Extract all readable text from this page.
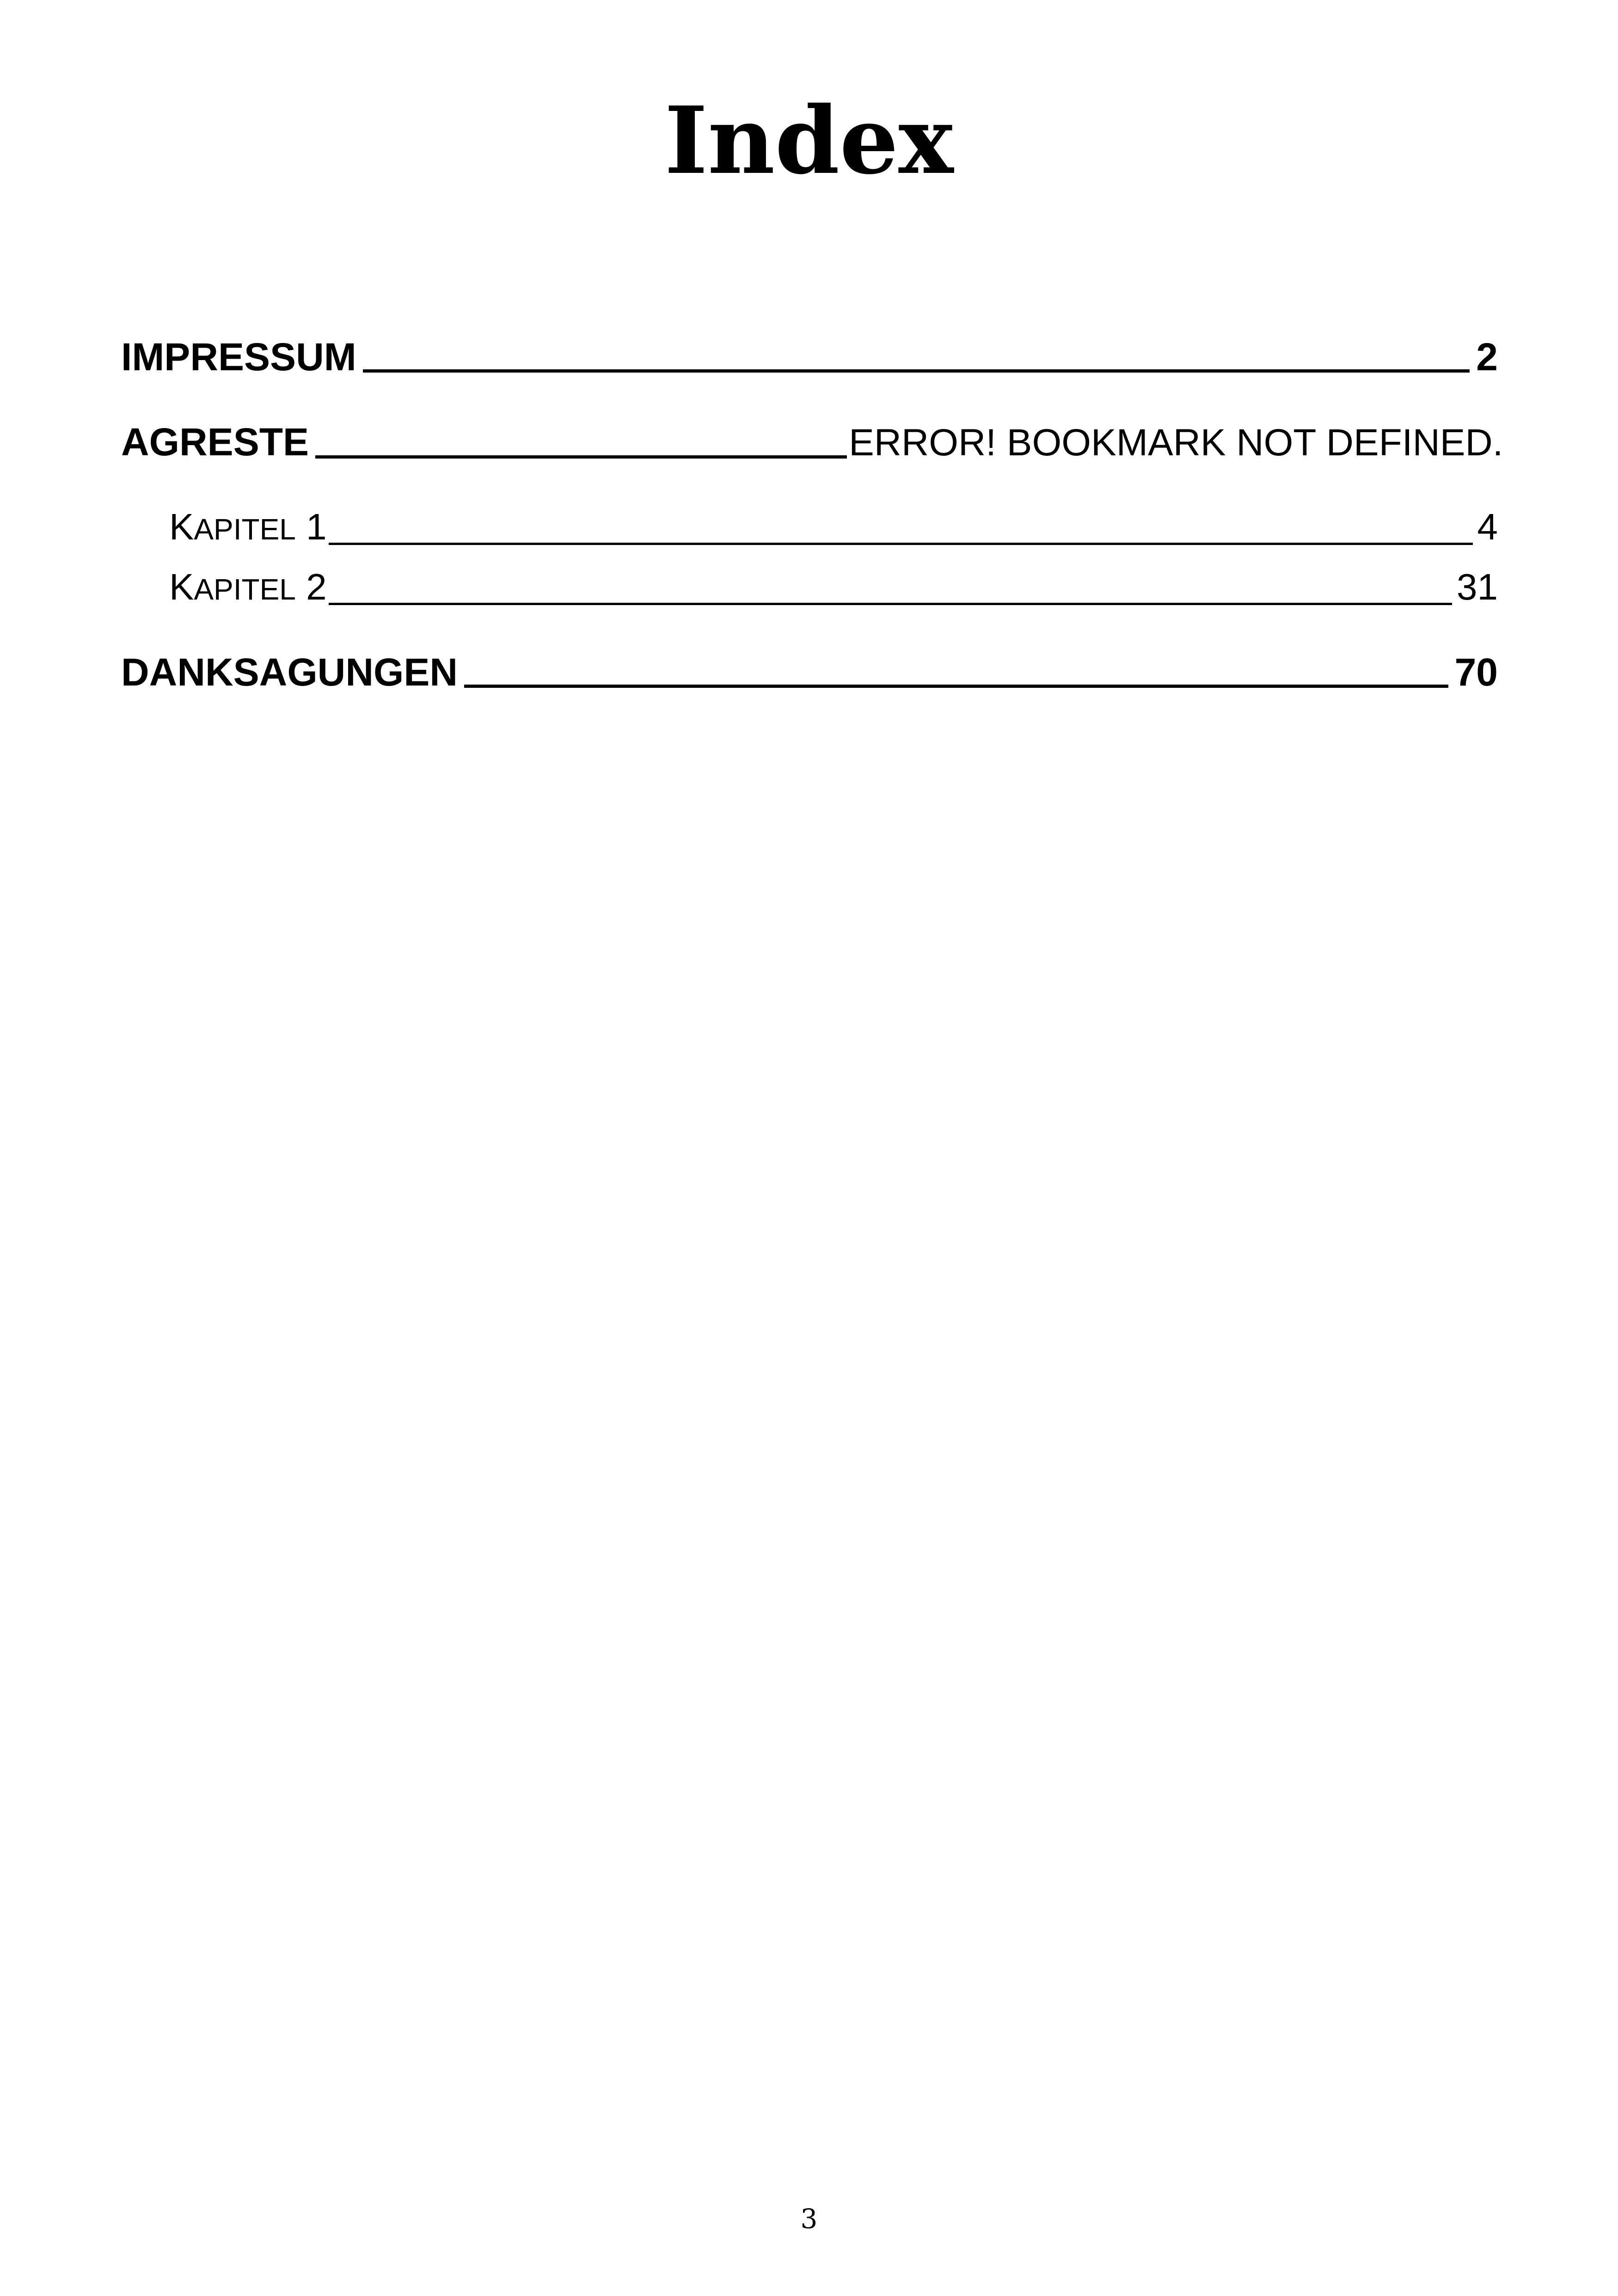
Index
IMPRESSUM	2
AGRESTE	ERROR! BOOKMARK NOT DEFINED.
KAPITEL 1	4
KAPITEL 2	31
DANKSAGUNGEN	70
3
